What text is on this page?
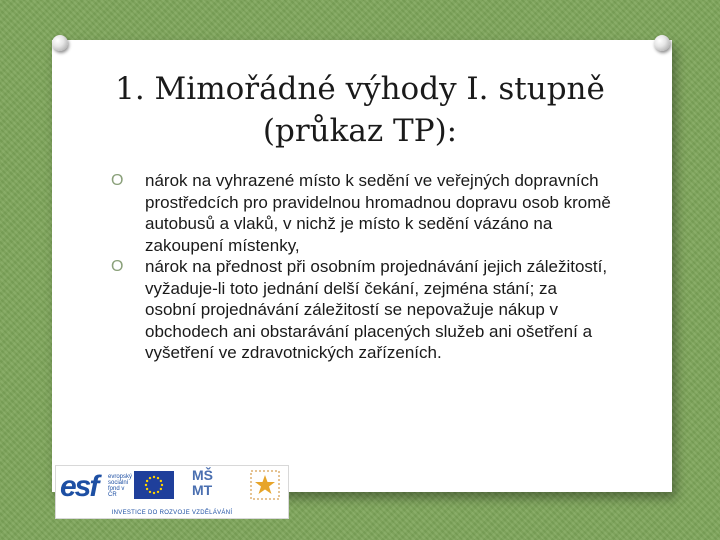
1. Mimořádné výhody I. stupně
(průkaz TP):
O nárok na vyhrazené místo k sedění ve veřejných dopravních prostředcích pro pravidelnou hromadnou dopravu osob kromě autobusů a vlaků, v nichž je místo k sedění vázáno na zakoupení místenky,
O nárok na přednost při osobním projednávání jejich záležitostí, vyžaduje-li toto jednání delší čekání, zejména stání; za osobní projednávání záležitostí se nepovažuje nákup v obchodech ani obstarávání placených služeb ani ošetření a vyšetření ve zdravotnických zařízeních.
esf evropský sociální fond v ČR
MŠ MT
INVESTICE DO ROZVOJE VZDĚLÁVÁNÍ
